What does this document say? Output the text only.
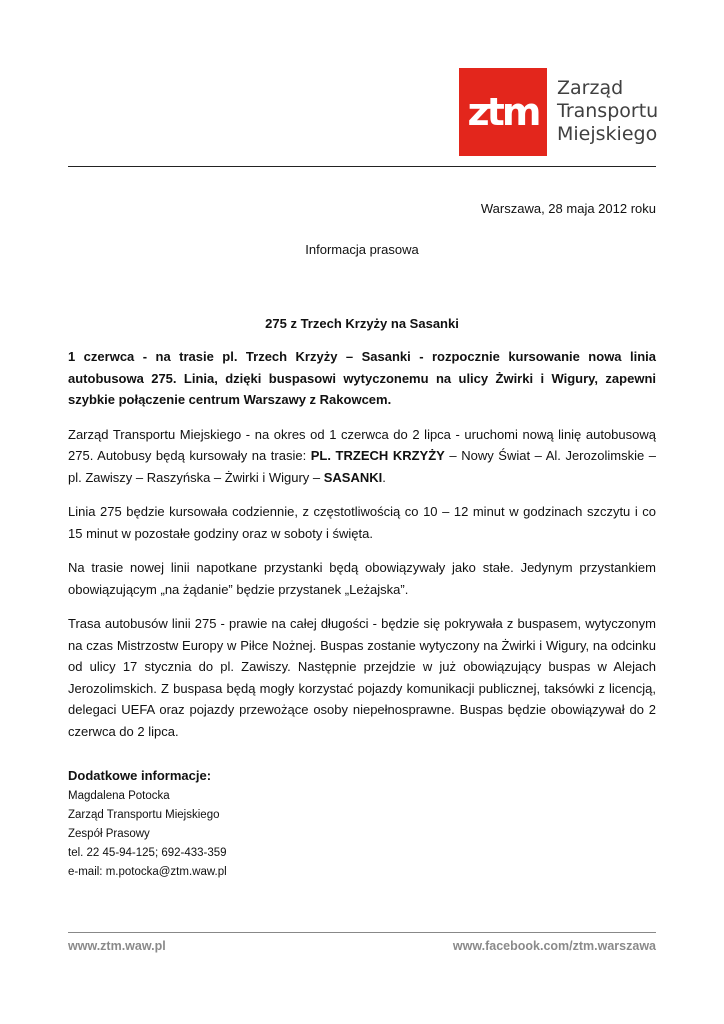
ztm
Zarząd
Transportu
Miejskiego
Warszawa, 28 maja 2012 roku
Informacja prasowa
275 z Trzech Krzyży na Sasanki

1 czerwca - na trasie pl. Trzech Krzyży – Sasanki - rozpocznie kursowanie nowa linia autobusowa 275. Linia, dzięki buspasowi wytyczonemu na ulicy Żwirki i Wigury, zapewni szybkie połączenie centrum Warszawy z Rakowcem.

Zarząd Transportu Miejskiego - na okres od 1 czerwca do 2 lipca - uruchomi nową linię autobusową 275. Autobusy będą kursowały na trasie: PL. TRZECH KRZYŻY – Nowy Świat – Al. Jerozolimskie – pl. Zawiszy – Raszyńska – Żwirki i Wigury – SASANKI.

Linia 275 będzie kursowała codziennie, z częstotliwością co 10 – 12 minut w godzinach szczytu i co 15 minut w pozostałe godziny oraz w soboty i święta.

Na trasie nowej linii napotkane przystanki będą obowiązywały jako stałe. Jedynym przystankiem obowiązującym „na żądanie” będzie przystanek „Leżajska”.

Trasa autobusów linii 275 - prawie na całej długości - będzie się pokrywała z buspasem, wytyczonym na czas Mistrzostw Europy w Piłce Nożnej. Buspas zostanie wytyczony na Żwirki i Wigury, na odcinku od ulicy 17 stycznia do pl. Zawiszy. Następnie przejdzie w już obowiązujący buspas w Alejach Jerozolimskich. Z buspasa będą mogły korzystać pojazdy komunikacji publicznej, taksówki z licencją, delegaci UEFA oraz pojazdy przewożące osoby niepełnosprawne. Buspas będzie obowiązywał do 2 czerwca do 2 lipca.

Dodatkowe informacje:
Magdalena Potocka
Zarząd Transportu Miejskiego
Zespół Prasowy
tel. 22 45-94-125; 692-433-359
e-mail: m.potocka@ztm.waw.pl
www.ztm.waw.pl	www.facebook.com/ztm.warszawa
